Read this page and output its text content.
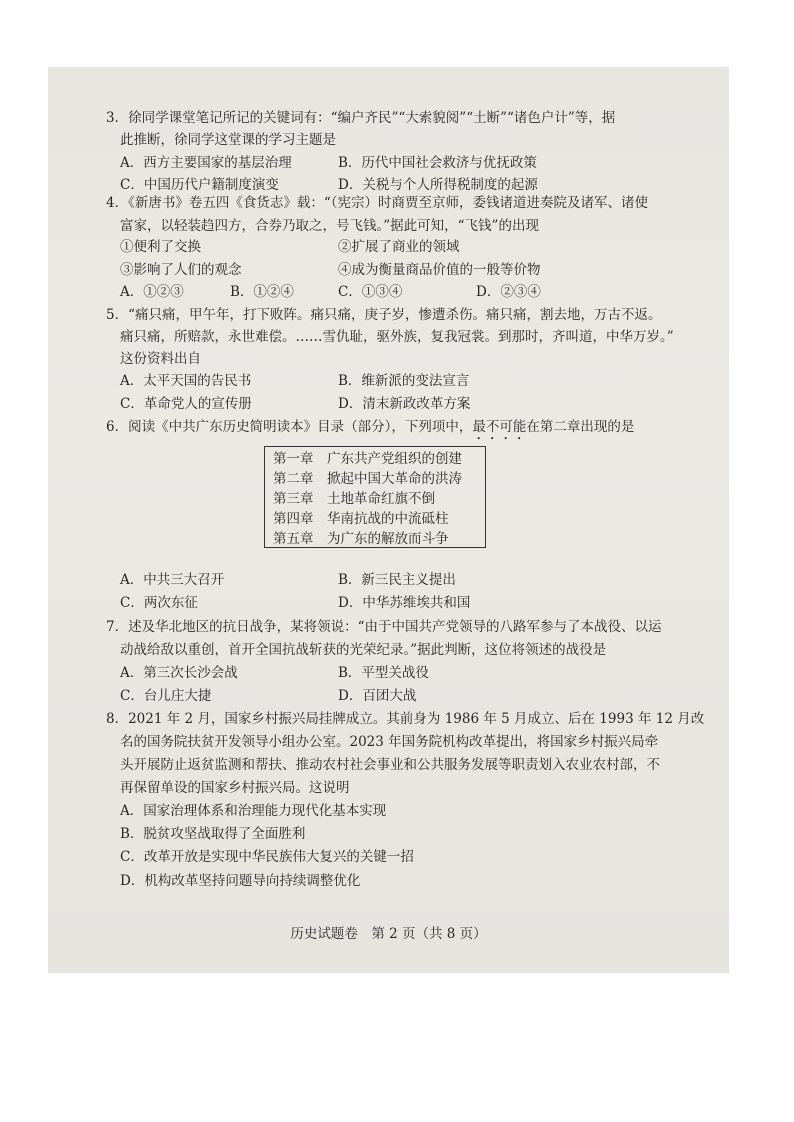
3．徐同学课堂笔记所记的关键词有：“编户齐民”“大索貌阅”“土断”“诸色户计”等，据
此推断，徐同学这堂课的学习主题是
A．西方主要国家的基层治理	B．历代中国社会救济与优抚政策
C．中国历代户籍制度演变	D．关税与个人所得税制度的起源
4．《新唐书》卷五四《食货志》载：“（宪宗）时商贾至京师，委钱诸道进奏院及诸军、诸使
富家，以轻装趋四方，合券乃取之，号飞钱。”据此可知，“飞钱”的出现
①便利了交换	②扩展了商业的领域
③影响了人们的观念	④成为衡量商品价值的一般等价物
A．①②③	B．①②④	C．①③④	D．②③④
5．“痛只痛，甲午年，打下败阵。痛只痛，庚子岁，惨遭杀伤。痛只痛，割去地，万古不返。
痛只痛，所赔款，永世难偿。……雪仇耻，驱外族，复我冠裳。到那时，齐叫道，中华万岁。”
这份资料出自
A．太平天国的告民书	B．维新派的变法宣言
C．革命党人的宣传册	D．清末新政改革方案
6．阅读《中共广东历史简明读本》目录（部分），下列项中，最不可能在第二章出现的是
第一章 广东共产党组织的创建
第二章 掀起中国大革命的洪涛
第三章 土地革命红旗不倒
第四章 华南抗战的中流砥柱
第五章 为广东的解放而斗争
A．中共三大召开	B．新三民主义提出
C．两次东征	D．中华苏维埃共和国
7．述及华北地区的抗日战争，某将领说：“由于中国共产党领导的八路军参与了本战役、以运
动战给敌以重创，首开全国抗战斩获的光荣纪录。”据此判断，这位将领述的战役是
A．第三次长沙会战	B．平型关战役
C．台儿庄大捷	D．百团大战
8．2021 年 2 月，国家乡村振兴局挂牌成立。其前身为 1986 年 5 月成立、后在 1993 年 12 月改
名的国务院扶贫开发领导小组办公室。2023 年国务院机构改革提出，将国家乡村振兴局牵
头开展防止返贫监测和帮扶、推动农村社会事业和公共服务发展等职责划入农业农村部，不
再保留单设的国家乡村振兴局。这说明
A．国家治理体系和治理能力现代化基本实现
B．脱贫攻坚战取得了全面胜利
C．改革开放是实现中华民族伟大复兴的关键一招
D．机构改革坚持问题导向持续调整优化
历史试题卷　第 2 页（共 8 页）
